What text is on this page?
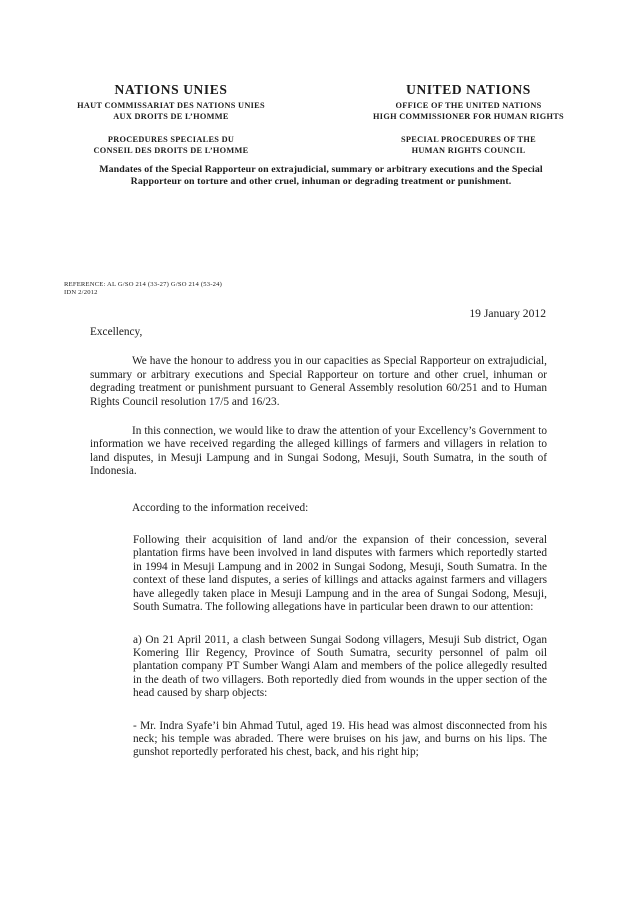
NATIONS UNIES
HAUT COMMISSARIAT DES NATIONS UNIES
AUX DROITS DE L’HOMME
PROCEDURES SPECIALES DU
CONSEIL DES DROITS DE L’HOMME
UNITED NATIONS
OFFICE OF THE UNITED NATIONS
HIGH COMMISSIONER FOR HUMAN RIGHTS
SPECIAL PROCEDURES OF THE
HUMAN RIGHTS COUNCIL
Mandates of the Special Rapporteur on extrajudicial, summary or arbitrary executions and the Special Rapporteur on torture and other cruel, inhuman or degrading treatment or punishment.
REFERENCE: AL G/SO 214 (33-27) G/SO 214 (53-24)
IDN 2/2012
19 January 2012

Excellency,

We have the honour to address you in our capacities as Special Rapporteur on extrajudicial, summary or arbitrary executions and Special Rapporteur on torture and other cruel, inhuman or degrading treatment or punishment pursuant to General Assembly resolution 60/251 and to Human Rights Council resolution 17/5 and 16/23.

In this connection, we would like to draw the attention of your Excellency’s Government to information we have received regarding the alleged killings of farmers and villagers in relation to land disputes, in Mesuji Lampung and in Sungai Sodong, Mesuji, South Sumatra, in the south of Indonesia.

According to the information received:

Following their acquisition of land and/or the expansion of their concession, several plantation firms have been involved in land disputes with farmers which reportedly started in 1994 in Mesuji Lampung and in 2002 in Sungai Sodong, Mesuji, South Sumatra. In the context of these land disputes, a series of killings and attacks against farmers and villagers have allegedly taken place in Mesuji Lampung and in the area of Sungai Sodong, Mesuji, South Sumatra. The following allegations have in particular been drawn to our attention:

a) On 21 April 2011, a clash between Sungai Sodong villagers, Mesuji Sub district, Ogan Komering Ilir Regency, Province of South Sumatra, security personnel of palm oil plantation company PT Sumber Wangi Alam and members of the police allegedly resulted in the death of two villagers. Both reportedly died from wounds in the upper section of the head caused by sharp objects:

- Mr. Indra Syafe’i bin Ahmad Tutul, aged 19. His head was almost disconnected from his neck; his temple was abraded. There were bruises on his jaw, and burns on his lips. The gunshot reportedly perforated his chest, back, and his right hip;
